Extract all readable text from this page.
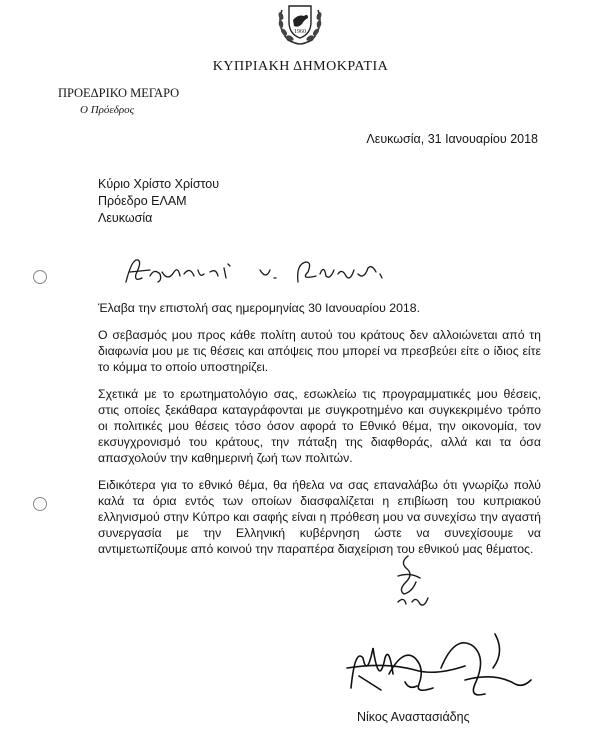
1960
ΚΥΠΡΙΑΚΗ ΔΗΜΟΚΡΑΤΙΑ
ΠΡΟΕΔΡΙΚΟ ΜΕΓΑΡΟ
Ο Πρόεδρος
Λευκωσία, 31 Ιανουαρίου 2018
Κύριο Χρίστο Χρίστου
Πρόεδρο ΕΛΑΜ
Λευκωσία

Έλαβα την επιστολή σας ημερομηνίας 30 Ιανουαρίου 2018.

Ο σεβασμός μου προς κάθε πολίτη αυτού του κράτους δεν αλλοιώνεται από τη διαφωνία μου με τις θέσεις και απόψεις που μπορεί να πρεσβεύει είτε ο ίδιος είτε το κόμμα το οποίο υποστηρίζει.

Σχετικά με το ερωτηματολόγιο σας, εσωκλείω τις προγραμματικές μου θέσεις, στις οποίες ξεκάθαρα καταγράφονται με συγκροτημένο και συγκεκριμένο τρόπο οι πολιτικές μου θέσεις τόσο όσον αφορά το Εθνικό θέμα, την οικονομία, τον εκσυγχρονισμό του κράτους, την πάταξη της διαφθοράς, αλλά και τα όσα απασχολούν την καθημερινή ζωή των πολιτών.

Ειδικότερα για το εθνικό θέμα, θα ήθελα να σας επαναλάβω ότι γνωρίζω πολύ καλά τα όρια εντός των οποίων διασφαλίζεται η επιβίωση του κυπριακού ελληνισμού στην Κύπρο και σαφής είναι η πρόθεση μου να συνεχίσω την αγαστή συνεργασία με την Ελληνική κυβέρνηση ώστε να συνεχίσουμε να αντιμετωπίζουμε από κοινού την παραπέρα διαχείριση του εθνικού μας θέματος.

Νίκος Αναστασιάδης
